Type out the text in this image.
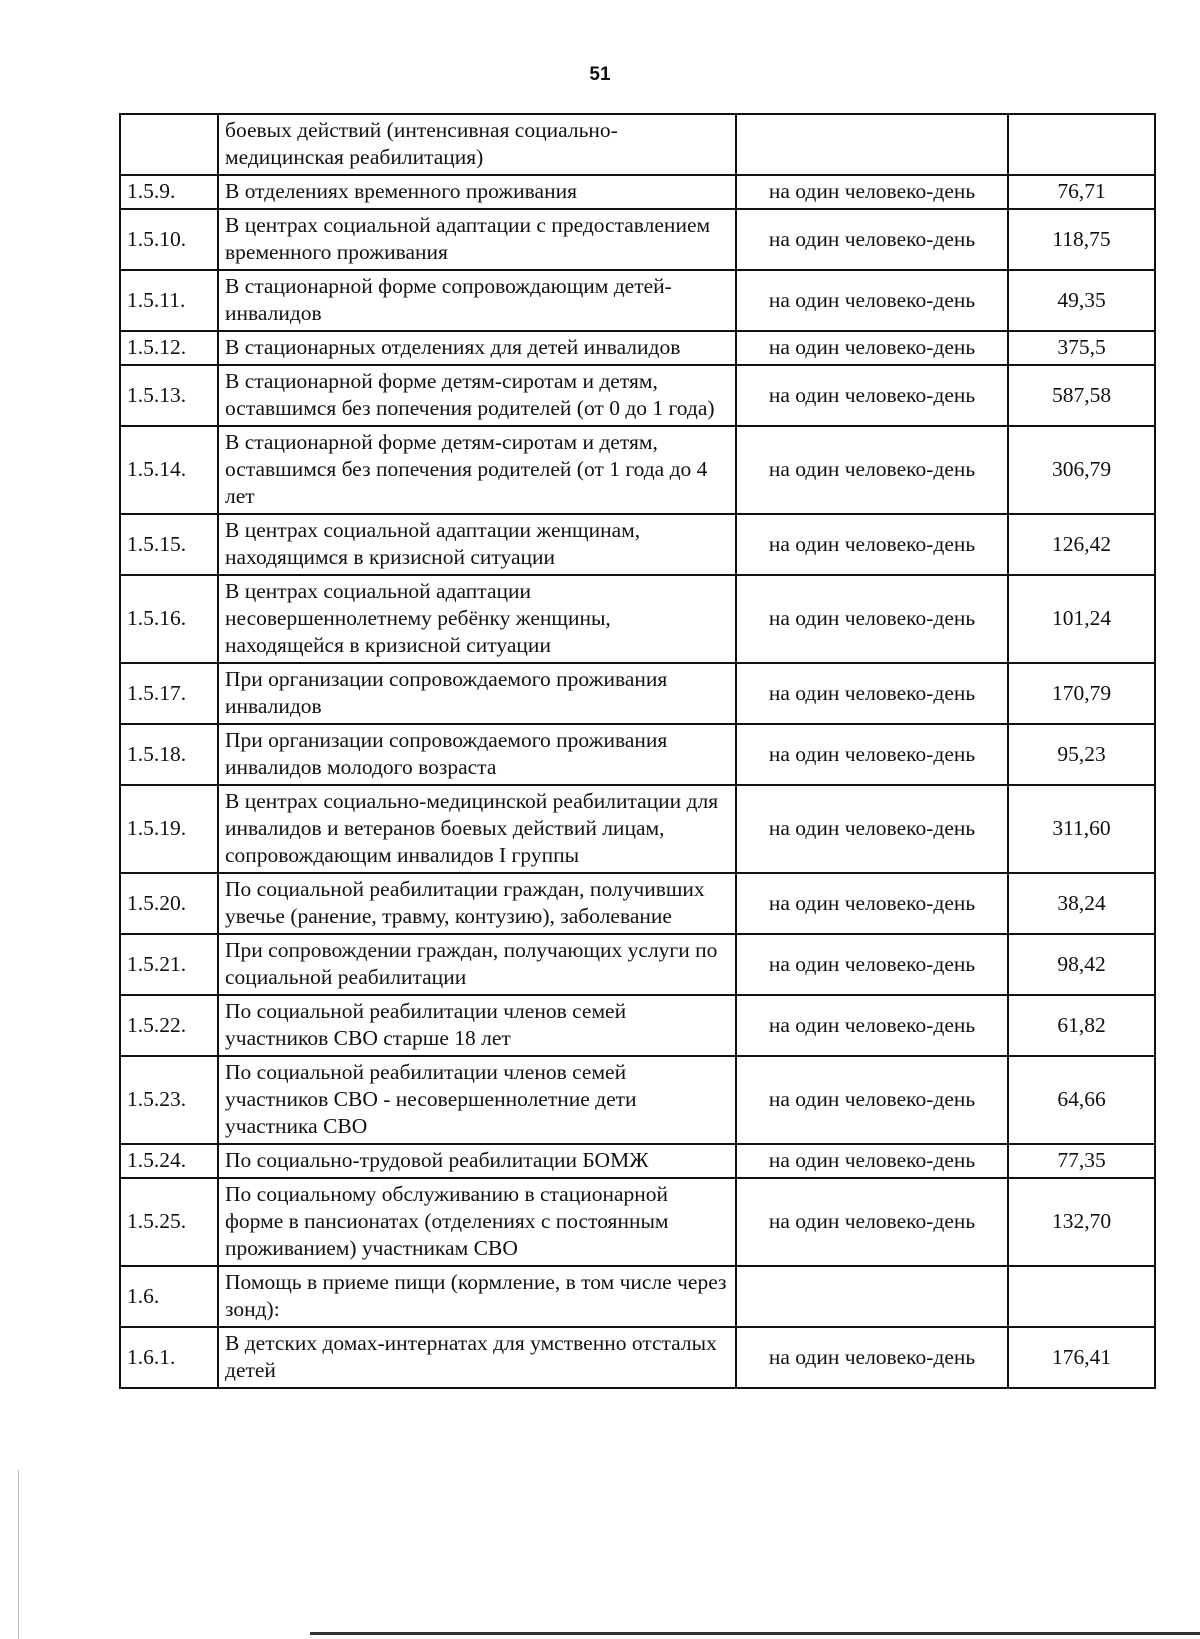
51
	боевых действий (интенсивная социально-медицинская реабилитация)		
1.5.9.	В отделениях временного проживания	на один человеко-день	76,71
1.5.10.	В центрах социальной адаптации с предоставлением временного проживания	на один человеко-день	118,75
1.5.11.	В стационарной форме сопровождающим детей-инвалидов	на один человеко-день	49,35
1.5.12.	В стационарных отделениях для детей инвалидов	на один человеко-день	375,5
1.5.13.	В стационарной форме детям-сиротам и детям, оставшимся без попечения родителей (от 0 до 1 года)	на один человеко-день	587,58
1.5.14.	В стационарной форме детям-сиротам и детям, оставшимся без попечения родителей (от 1 года до 4 лет	на один человеко-день	306,79
1.5.15.	В центрах социальной адаптации женщинам, находящимся в кризисной ситуации	на один человеко-день	126,42
1.5.16.	В центрах социальной адаптации несовершеннолетнему ребёнку женщины, находящейся в кризисной ситуации	на один человеко-день	101,24
1.5.17.	При организации сопровождаемого проживания инвалидов	на один человеко-день	170,79
1.5.18.	При организации сопровождаемого проживания инвалидов молодого возраста	на один человеко-день	95,23
1.5.19.	В центрах социально-медицинской реабилитации для инвалидов и ветеранов боевых действий лицам, сопровождающим инвалидов I группы	на один человеко-день	311,60
1.5.20.	По социальной реабилитации граждан, получивших увечье (ранение, травму, контузию), заболевание	на один человеко-день	38,24
1.5.21.	При сопровождении граждан, получающих услуги по социальной реабилитации	на один человеко-день	98,42
1.5.22.	По социальной реабилитации членов семей участников СВО старше 18 лет	на один человеко-день	61,82
1.5.23.	По социальной реабилитации членов семей участников СВО - несовершеннолетние дети участника СВО	на один человеко-день	64,66
1.5.24.	По социально-трудовой реабилитации БОМЖ	на один человеко-день	77,35
1.5.25.	По социальному обслуживанию в стационарной форме в пансионатах (отделениях с постоянным проживанием) участникам СВО	на один человеко-день	132,70
1.6.	Помощь в приеме пищи (кормление, в том числе через зонд):		
1.6.1.	В детских домах-интернатах для умственно отсталых детей	на один человеко-день	176,41
